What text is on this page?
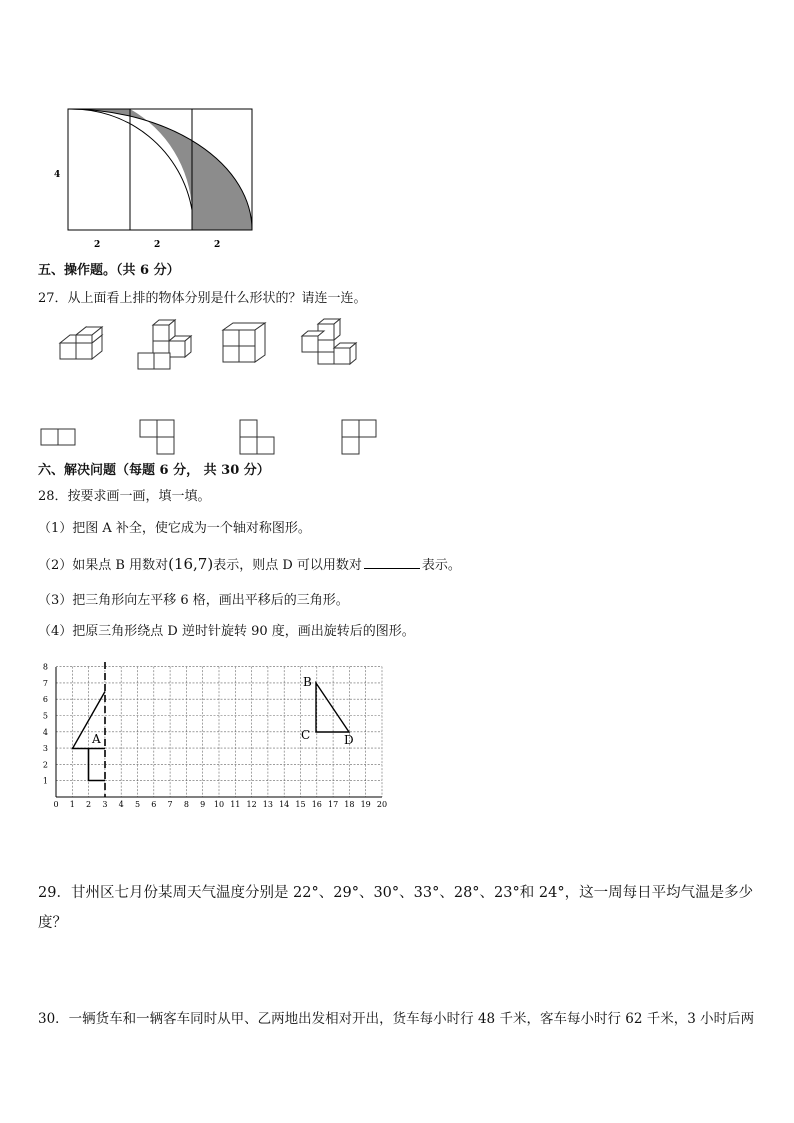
4
2	2	2
五、操作题。（共 6 分）
27．从上面看上排的物体分别是什么形状的？请连一连。
六、解决问题（每题 6 分， 共 30 分）
28．按要求画一画，填一填。
（1）把图 A 补全，使它成为一个轴对称图形。
（2）如果点 B 用数对(16,7)表示，则点 D 可以用数对	表示。
（3）把三角形向左平移 6 格，画出平移后的三角形。
（4）把原三角形绕点 D 逆时针旋转 90 度，画出旋转后的图形。
0 1 2 3 4 5 6 7 8 9 10 11 12 13 14 15 16 17 18 19 20
1
2
3
4
5
6
7
8
A
B
C	D
29．甘州区七月份某周天气温度分别是 22°、29°、30°、33°、28°、23°和 24°，这一周每日平均气温是多少度？
30．一辆货车和一辆客车同时从甲、乙两地出发相对开出，货车每小时行 48 千米，客车每小时行 62 千米，3 小时后两
